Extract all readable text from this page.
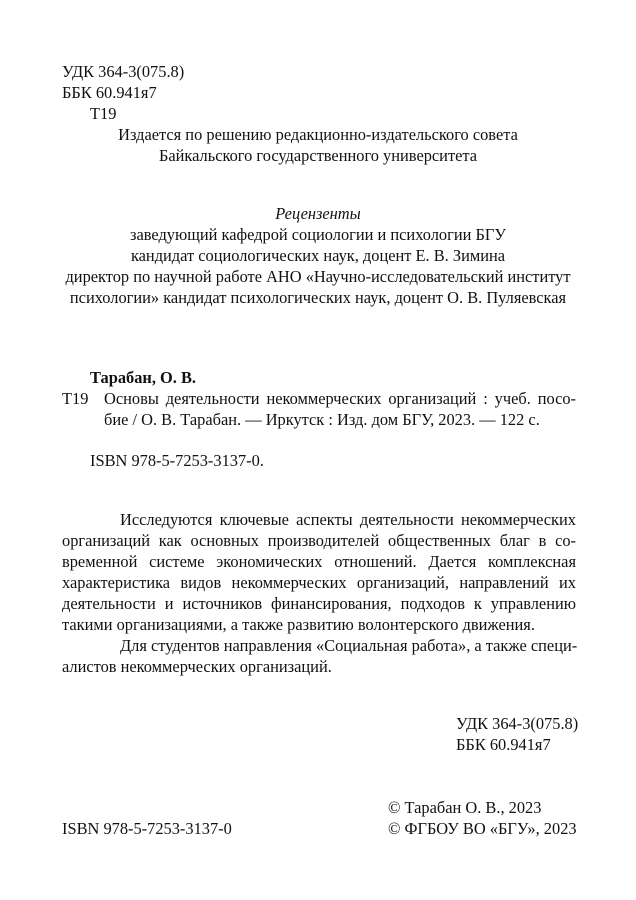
УДК 364-3(075.8)
ББК 60.941я7
Т19
Издается по решению редакционно-издательского совета
Байкальского государственного университета
Рецензенты
заведующий кафедрой социологии и психологии БГУ
кандидат социологических наук, доцент Е. В. Зимина
директор по научной работе АНО «Научно-исследовательский институт
психологии» кандидат психологических наук, доцент О. В. Пуляевская
Тарабан, О. В.
Т19 Основы деятельности некоммерческих организаций : учеб. посо-
бие / О. В. Тарабан. — Иркутск : Изд. дом БГУ, 2023. — 122 с.
ISBN 978-5-7253-3137-0.
Исследуются ключевые аспекты деятельности некоммерческих
организаций как основных производителей общественных благ в со-
временной системе экономических отношений. Дается комплексная
характеристика видов некоммерческих организаций, направлений их
деятельности и источников финансирования, подходов к управлению
такими организациями, а также развитию волонтерского движения.
Для студентов направления «Социальная работа», а также специ-
алистов некоммерческих организаций.
УДК 364-3(075.8)
ББК 60.941я7
© Тарабан О. В., 2023
ISBN 978-5-7253-3137-0	© ФГБОУ ВО «БГУ», 2023
